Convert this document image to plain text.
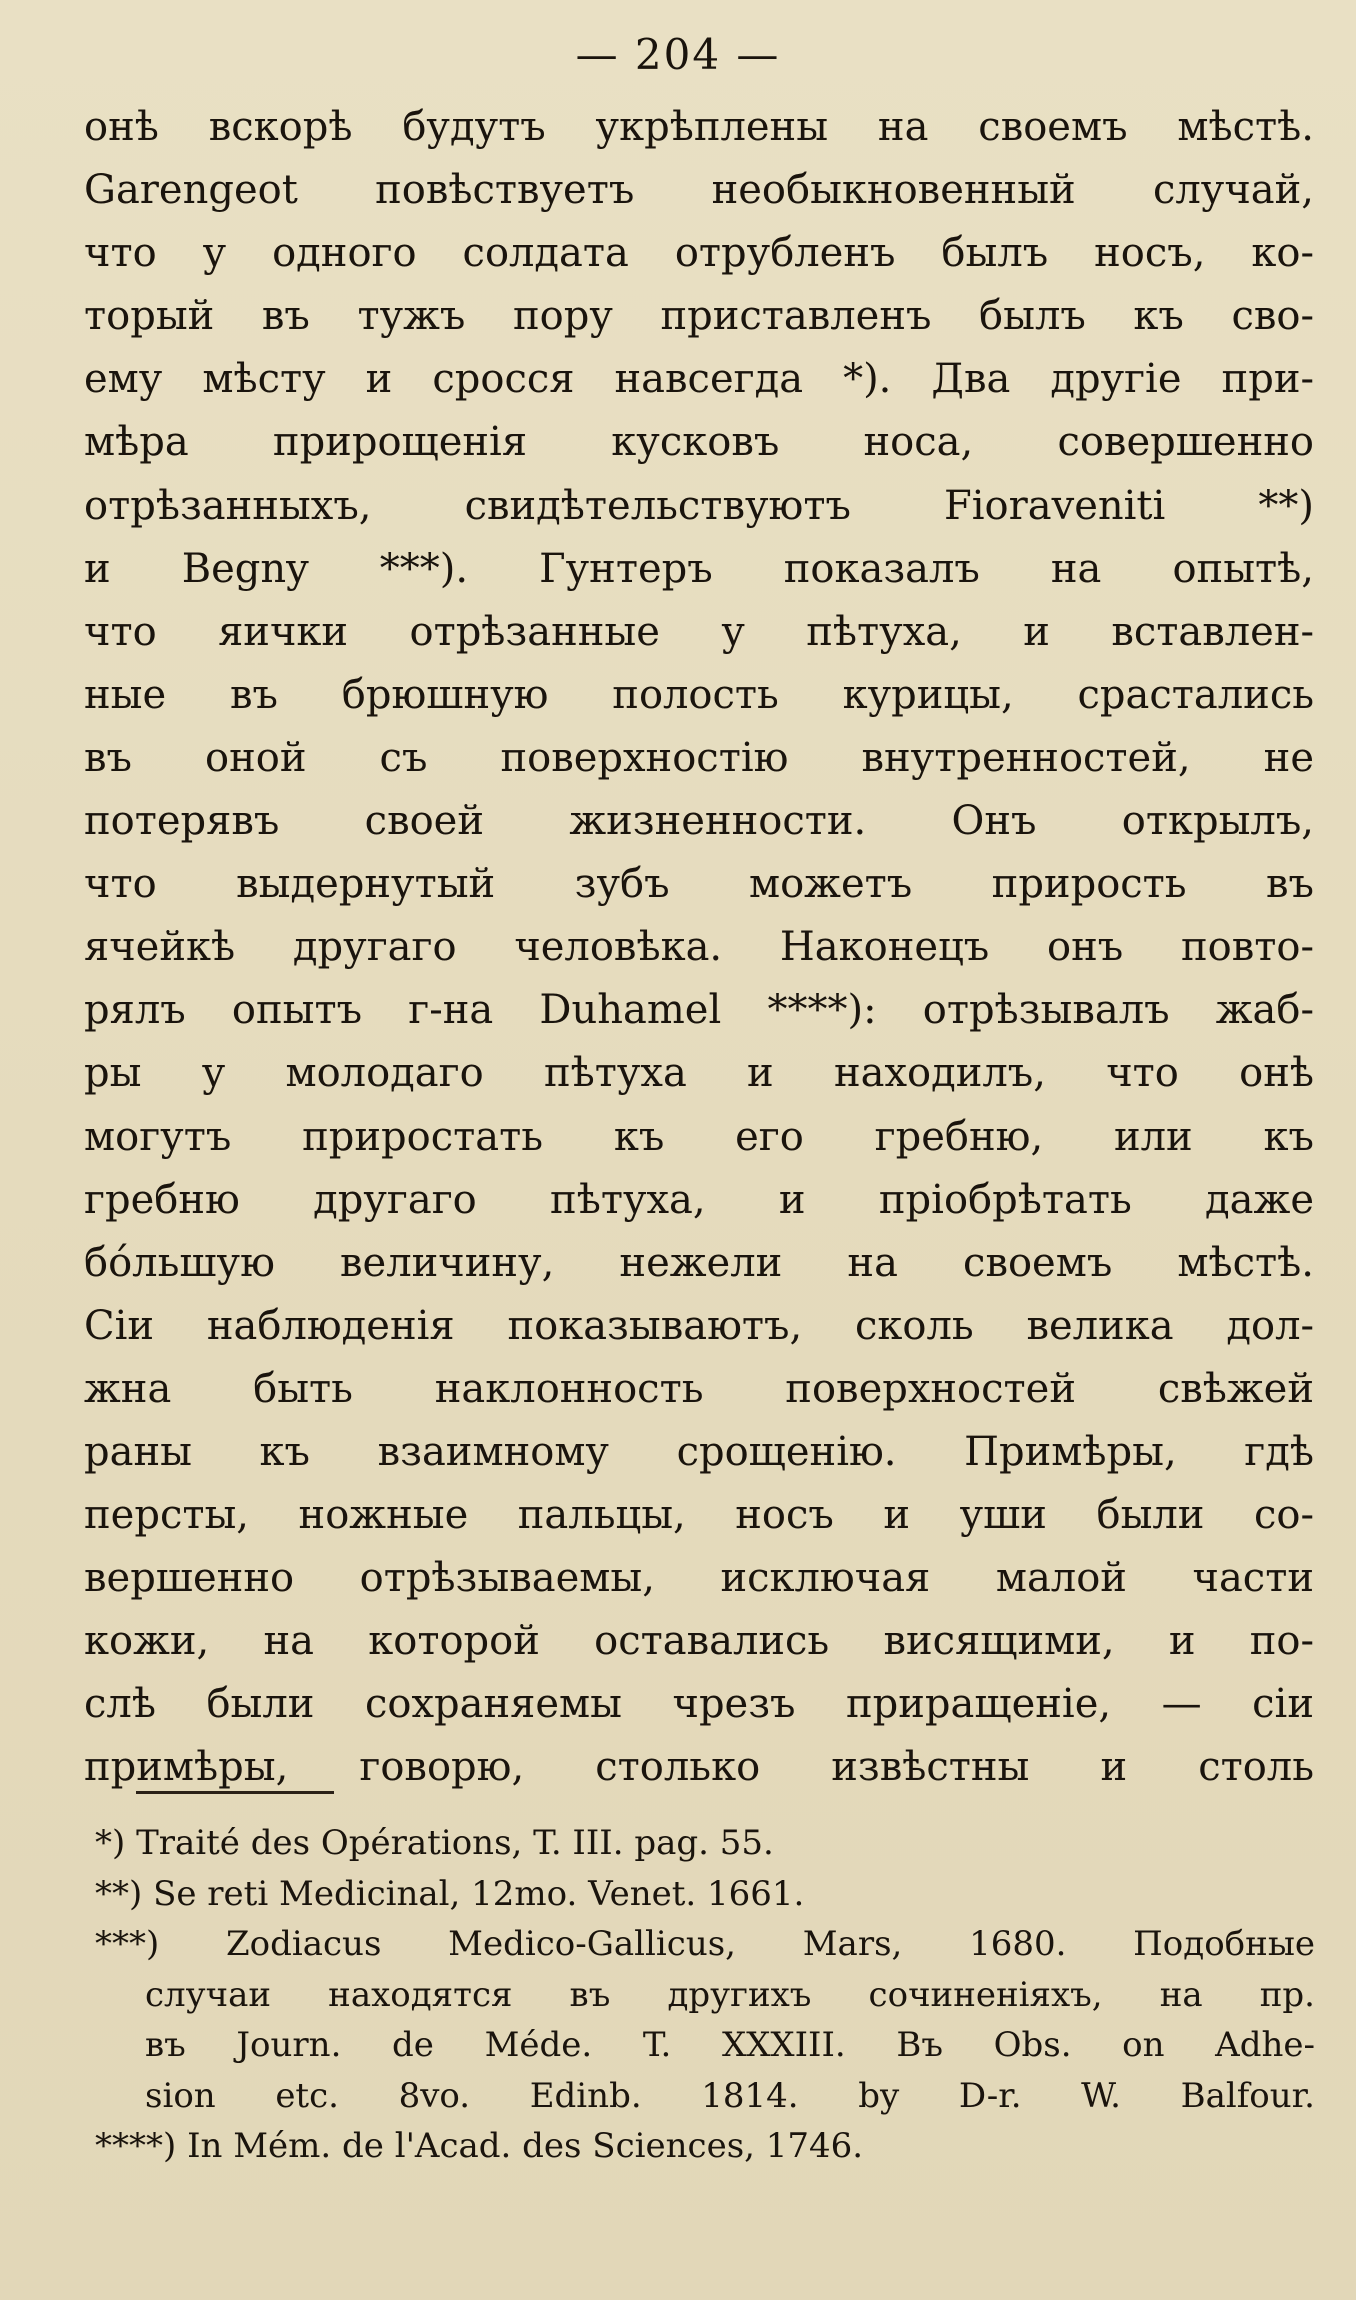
— 204 —
онѣ вскорѣ будутъ укрѣплены на своемъ мѣстѣ.
Garengeot повѣствуетъ необыкновенный случай,
что у одного солдата отрубленъ былъ носъ, ко-
торый въ тужъ пору приставленъ былъ къ сво-
ему мѣсту и сросся навсегда *). Два другіе при-
мѣра прирощенія кусковъ носа, совершенно
отрѣзанныхъ, свидѣтельствуютъ Fioraveniti **)
и Begny ***). Гунтеръ показалъ на опытѣ,
что яички отрѣзанные у пѣтуха, и вставлен-
ные въ брюшную полость курицы, срастались
въ оной съ поверхностію внутренностей, не
потерявъ своей жизненности. Онъ открылъ,
что выдернутый зубъ можетъ прирость въ
ячейкѣ другаго человѣка. Наконецъ онъ повто-
рялъ опытъ г-на Duhamel ****): отрѣзывалъ жаб-
ры у молодаго пѣтуха и находилъ, что онѣ
могутъ приростать къ его гребню, или къ
гребню другаго пѣтуха, и пріобрѣтать даже
бо́льшую величину, нежели на своемъ мѣстѣ.
Сіи наблюденія показываютъ, сколь велика дол-
жна быть наклонность поверхностей свѣжей
раны къ взаимному срощенію. Примѣры, гдѣ
персты, ножные пальцы, носъ и уши были со-
вершенно отрѣзываемы, исключая малой части
кожи, на которой оставались висящими, и по-
слѣ были сохраняемы чрезъ приращеніе, — сіи
примѣры, говорю, столько извѣстны и столь
*) Traité des Opérations, T. III. pag. 55.
**) Se reti Medicinal, 12mo. Venet. 1661.
***) Zodiacus Medico-Gallicus, Mars, 1680. Подобные
случаи находятся въ другихъ сочиненіяхъ, на пр.
въ Journ. de Méde. T. XXXIII. Въ Obs. on Adhe-
sion etc. 8vo. Edinb. 1814. by D-r. W. Balfour.
****) In Mém. de l'Acad. des Sciences, 1746.
